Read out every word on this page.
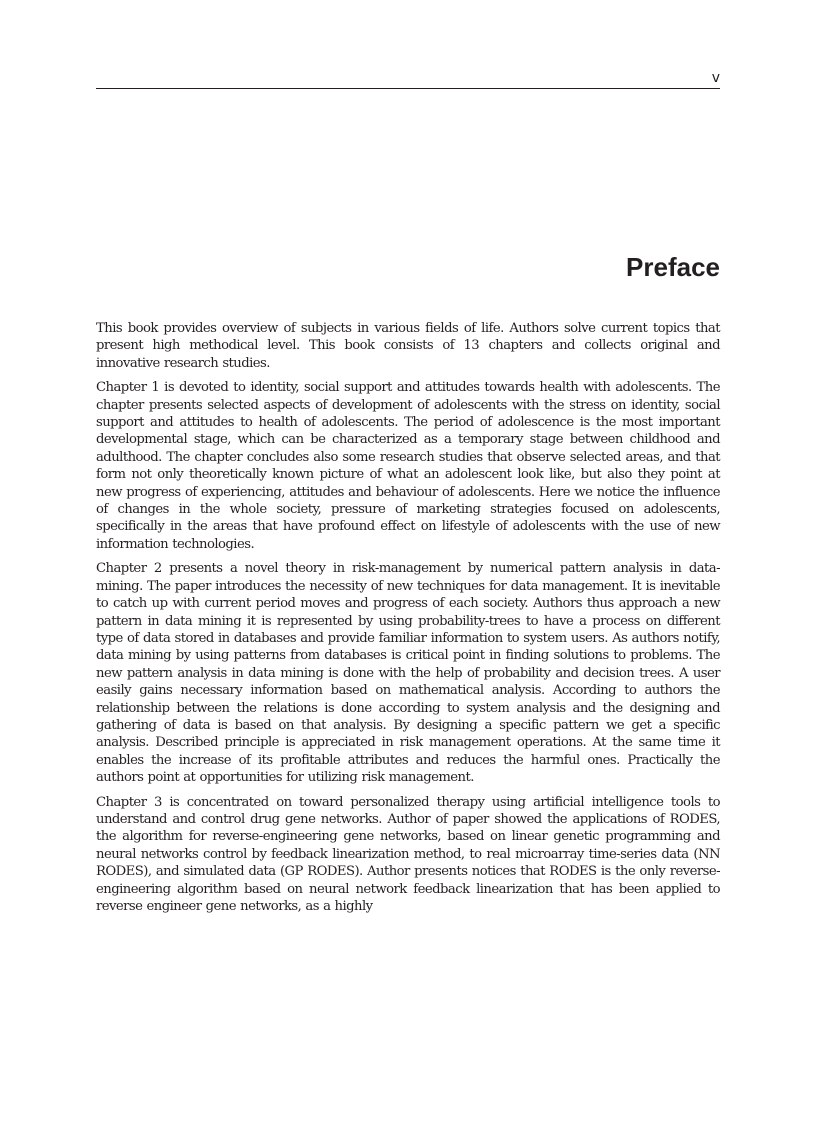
v
Preface

This book provides overview of subjects in various fields of life. Authors solve current topics that present high methodical level. This book consists of 13 chapters and collects original and innovative research studies.

Chapter 1 is devoted to identity, social support and attitudes towards health with adolescents. The chapter presents selected aspects of development of adolescents with the stress on identity, social support and attitudes to health of adolescents. The period of adolescence is the most important developmental stage, which can be characterized as a temporary stage between childhood and adulthood. The chapter concludes also some research studies that observe selected areas, and that form not only theoretically known picture of what an adolescent look like, but also they point at new progress of experiencing, attitudes and behaviour of adolescents. Here we notice the influence of changes in the whole society, pressure of marketing strategies focused on adolescents, specifically in the areas that have profound effect on lifestyle of adolescents with the use of new information technologies.

Chapter 2 presents a novel theory in risk-management by numerical pattern analysis in data-mining. The paper introduces the necessity of new techniques for data management. It is inevitable to catch up with current period moves and progress of each society. Authors thus approach a new pattern in data mining it is represented by using probability-trees to have a process on different type of data stored in databases and provide familiar information to system users. As authors notify, data mining by using patterns from databases is critical point in finding solutions to problems. The new pattern analysis in data mining is done with the help of probability and decision trees. A user easily gains necessary information based on mathematical analysis. According to authors the relationship between the relations is done according to system analysis and the designing and gathering of data is based on that analysis. By designing a specific pattern we get a specific analysis. Described principle is appreciated in risk management operations. At the same time it enables the increase of its profitable attributes and reduces the harmful ones. Practically the authors point at opportunities for utilizing risk management.

Chapter 3 is concentrated on toward personalized therapy using artificial intelligence tools to understand and control drug gene networks. Author of paper showed the applications of RODES, the algorithm for reverse-engineering gene networks, based on linear genetic programming and neural networks control by feedback linearization method, to real microarray time-series data (NN RODES), and simulated data (GP RODES). Author presents notices that RODES is the only reverse-engineering algorithm based on neural network feedback linearization that has been applied to reverse engineer gene networks, as a highly
